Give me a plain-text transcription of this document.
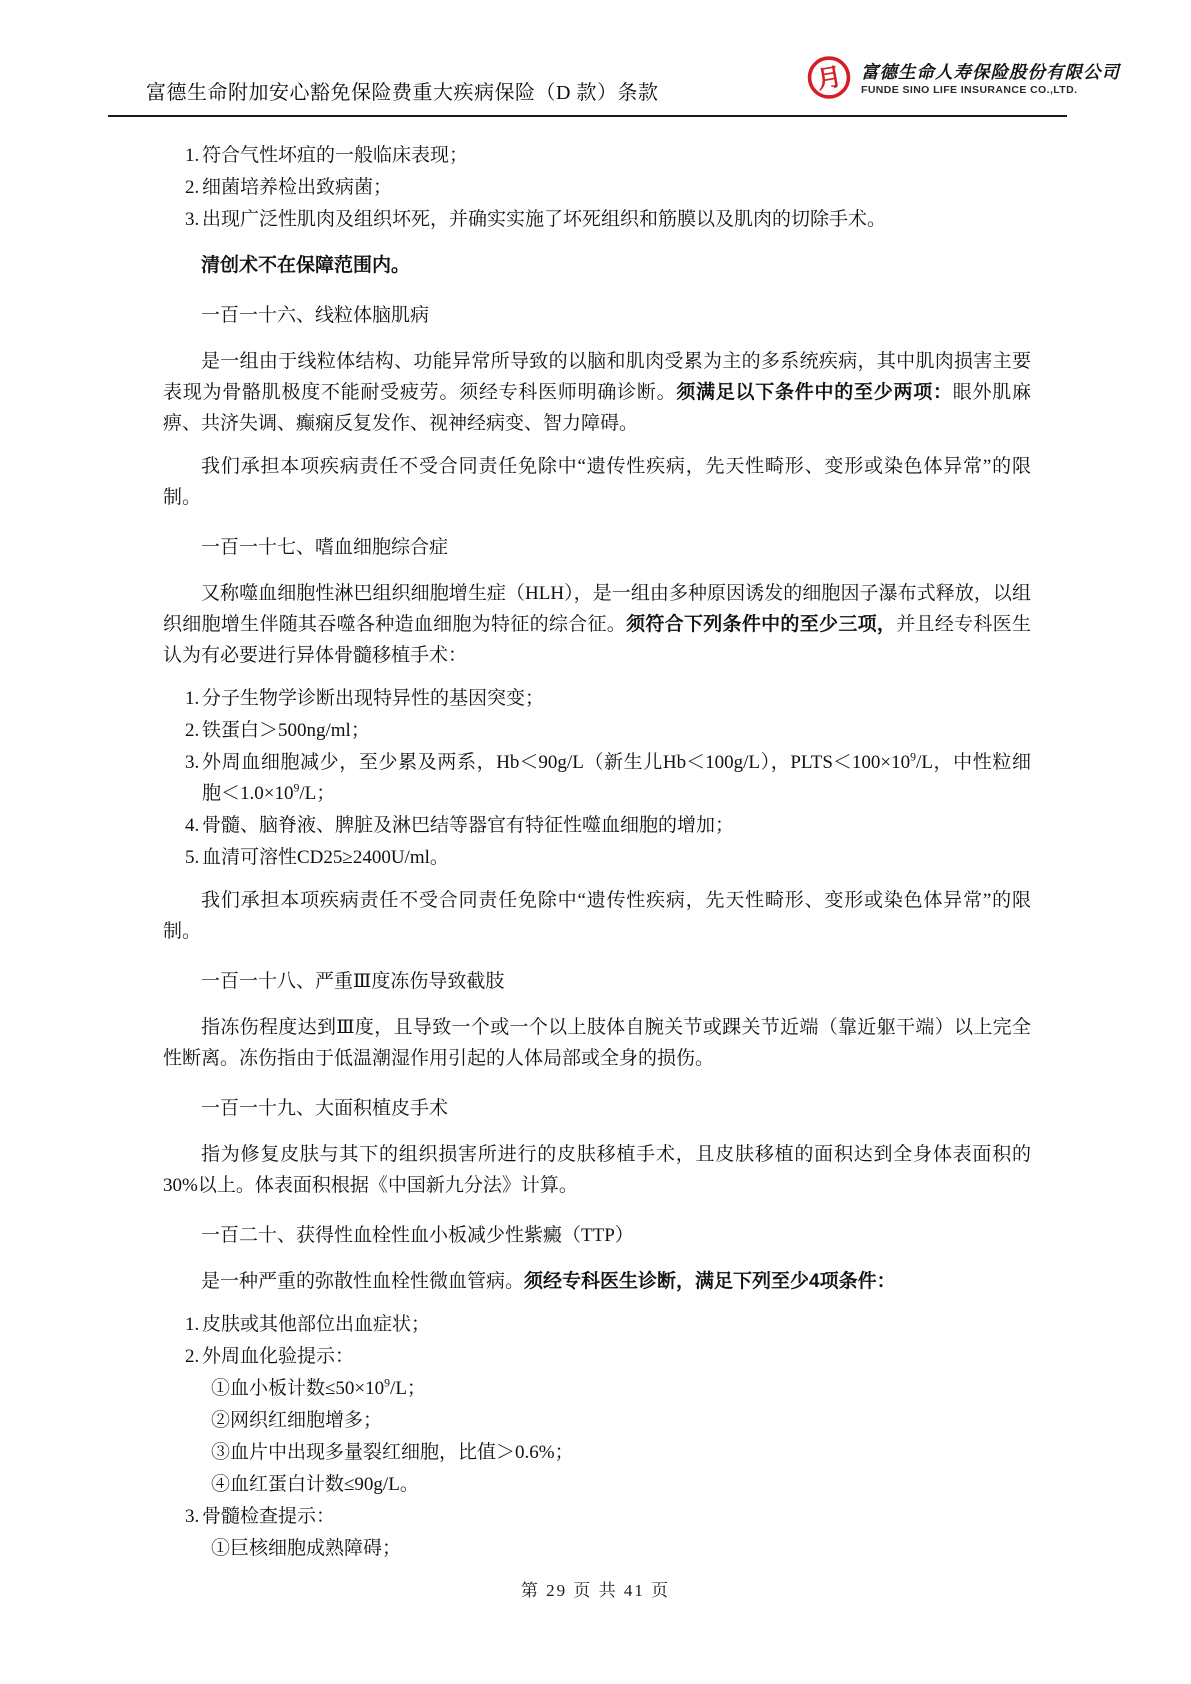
富德生命附加安心豁免保险费重大疾病保险（D 款）条款	月 富德生命人寿保险股份有限公司
FUNDE SINO LIFE INSURANCE CO.,LTD.
1. 符合气性坏疽的一般临床表现；
2. 细菌培养检出致病菌；
3. 出现广泛性肌肉及组织坏死，并确实实施了坏死组织和筋膜以及肌肉的切除手术。
清创术不在保障范围内。
一百一十六、线粒体脑肌病
是一组由于线粒体结构、功能异常所导致的以脑和肌肉受累为主的多系统疾病，其中肌肉损害主要表现为骨骼肌极度不能耐受疲劳。须经专科医师明确诊断。须满足以下条件中的至少两项：眼外肌麻痹、共济失调、癫痫反复发作、视神经病变、智力障碍。
我们承担本项疾病责任不受合同责任免除中“遗传性疾病，先天性畸形、变形或染色体异常”的限制。
一百一十七、嗜血细胞综合症
又称噬血细胞性淋巴组织细胞增生症（HLH），是一组由多种原因诱发的细胞因子瀑布式释放，以组织细胞增生伴随其吞噬各种造血细胞为特征的综合征。须符合下列条件中的至少三项，并且经专科医生认为有必要进行异体骨髓移植手术：
1. 分子生物学诊断出现特异性的基因突变；
2. 铁蛋白＞500ng/ml；
3. 外周血细胞减少，至少累及两系，Hb＜90g/L（新生儿Hb＜100g/L），$PLTS<100\times 10^9/L$，中性粒细胞$<1.0\times 10^9/L$；
4. 骨髓、脑脊液、脾脏及淋巴结等器官有特征性噬血细胞的增加；
5. 血清可溶性CD25≥2400U/ml。
我们承担本项疾病责任不受合同责任免除中“遗传性疾病，先天性畸形、变形或染色体异常”的限制。
一百一十八、严重Ⅲ度冻伤导致截肢
指冻伤程度达到Ⅲ度，且导致一个或一个以上肢体自腕关节或踝关节近端（靠近躯干端）以上完全性断离。冻伤指由于低温潮湿作用引起的人体局部或全身的损伤。
一百一十九、大面积植皮手术
指为修复皮肤与其下的组织损害所进行的皮肤移植手术，且皮肤移植的面积达到全身体表面积的30%以上。体表面积根据《中国新九分法》计算。
一百二十、获得性血栓性血小板减少性紫癜（TTP）
是一种严重的弥散性血栓性微血管病。须经专科医生诊断，满足下列至少4项条件：
1. 皮肤或其他部位出血症状；
2. 外周血化验提示：
①血小板计数$\le 50\times 10^9/L$；
②网织红细胞增多；
③血片中出现多量裂红细胞，比值＞0.6%；
④血红蛋白计数≤90g/L。
3. 骨髓检查提示：
①巨核细胞成熟障碍；
第 29 页 共 41 页
